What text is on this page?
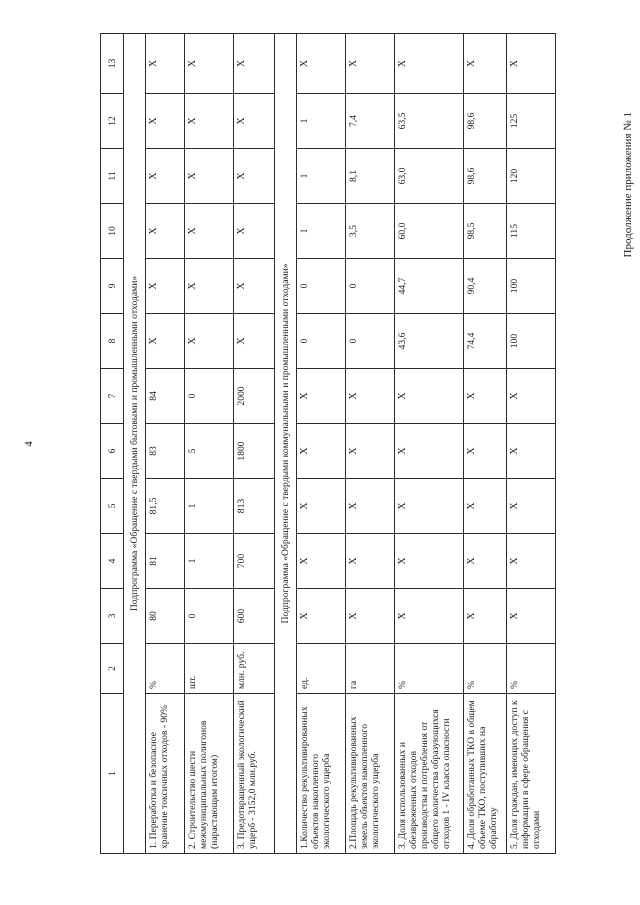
4
Продолжение приложения № 1
1	2	3	4	5	6	7	8	9	10	11	12	13
Подпрограмма «Обращение с твердыми бытовыми и промышленными отходами»												
1. Переработка и безопасное хранение токсичных отходов - 90%	%	80	81	81,5	83	84	X	X	X	X	X	X
2. Строительство шести межмуниципальных полигонов (нарастающим итогом)	шт.	0	1	1	5	0	X	X	X	X	X	X
3. Предотвращенный экологический ущерб - 3152,0 млн.руб.	млн. руб.	600	700	813	1800	2000	X	X	X	X	X	X
Подпрограмма «Обращение с твердыми коммунальными и промышленными отходами»												
1.Количество рекультивированных объектов накопленного экологического ущерба	ед.	X	X	X	X	X	0	0	1	1	1	X
2.Площадь рекультивированных земель объектов накопленного экологического ущерба	га	X	X	X	X	X	0	0	3,5	8,1	7,4	X
3. Доля использованных и обезвреженных отходов производства и потребления от общего количества образующихся отходов 1 - IV класса опасности	%	X	X	X	X	X	43,6	44,7	60,0	63,0	63,5	X
4. Доля обработанных ТКО в общем объеме ТКО, поступивших на обработку	%	X	X	X	X	X	74,4	90,4	98,5	98,6	98,6	X
5. Доля граждан, имеющих доступ к информации в сфере обращения с отходами	%	X	X	X	X	X	100	100	115	120	125	X
